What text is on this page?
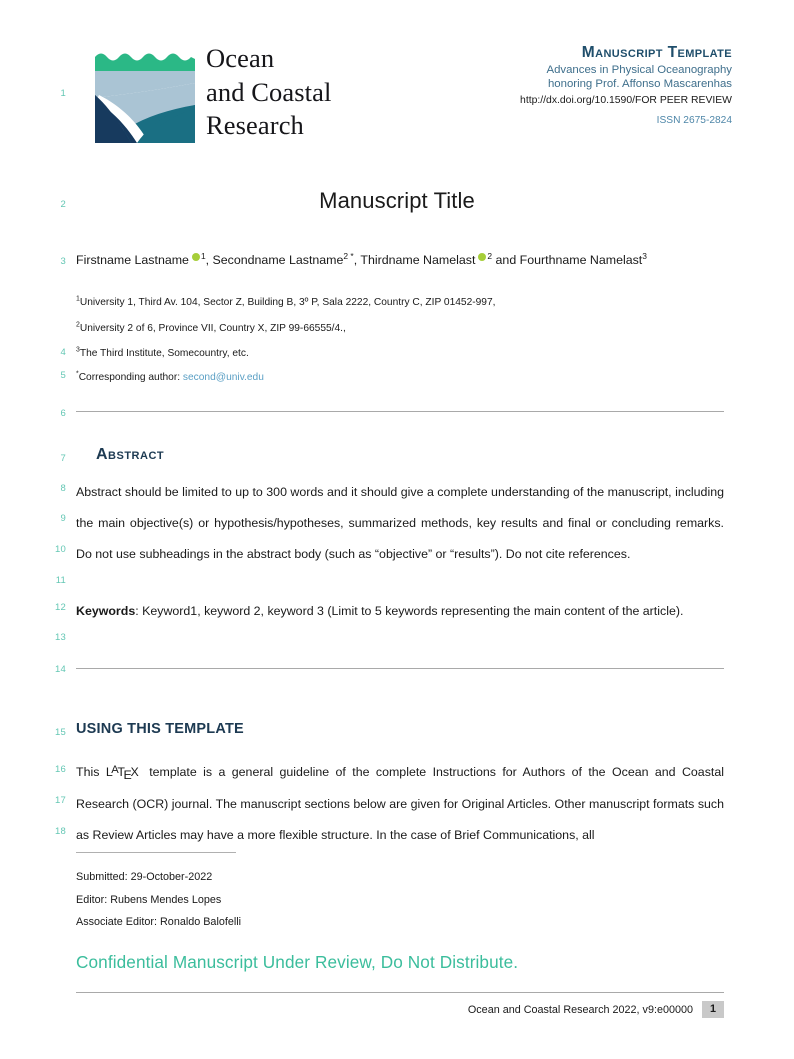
1
2
3
4
5
6
7
8
9
10
11
12
13
14
15
16
17
18
Ocean
and Coastal
Research
Manuscript Template
Advances in Physical Oceanography
honoring Prof. Affonso Mascarenhas
http://dx.doi.org/10.1590/FOR PEER REVIEW
ISSN 2675-2824
Manuscript Title
Firstname Lastname $^1$, Secondname Lastname$^{2 *}$, Thirdname Namelast $^2$ and Fourthname Namelast$^3$
$^1$University 1, Third Av. 104, Sector Z, Building B, 3º P, Sala 2222, Country C, ZIP 01452-997,
$^2$University 2 of 6, Province VII, Country X, ZIP 99-66555/4.,
$^3$The Third Institute, Somecountry, etc.
*Corresponding author: second@univ.edu
Abstract
Abstract should be limited to up to 300 words and it should give a complete understanding of the manuscript, including the main objective(s) or hypothesis/hypotheses, summarized methods, key results and final or concluding remarks. Do not use subheadings in the abstract body (such as “objective” or “results”). Do not cite references.
Keywords: Keyword1, keyword 2, keyword 3 (Limit to 5 keywords representing the main content of the article).
USING THIS TEMPLATE
This LATEX template is a general guideline of the complete Instructions for Authors of the Ocean and Coastal Research (OCR) journal. The manuscript sections below are given for Original Articles. Other manuscript formats such as Review Articles may have a more flexible structure. In the case of Brief Communications, all
Submitted: 29-October-2022
Editor: Rubens Mendes Lopes
Associate Editor: Ronaldo Balofelli
Confidential Manuscript Under Review, Do Not Distribute.
Ocean and Coastal Research 2022, v9:e00000	1
